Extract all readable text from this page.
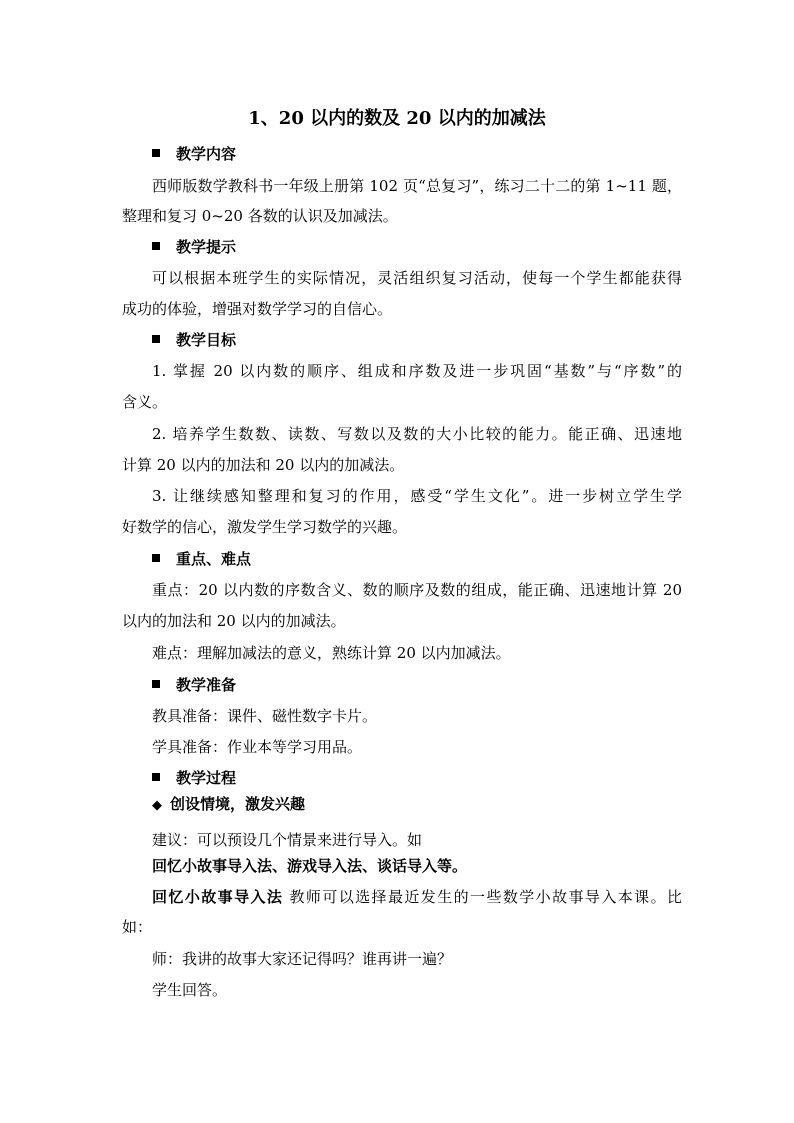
1、20 以内的数及 20 以内的加减法
教学内容
西师版数学教科书一年级上册第 102 页“总复习”，练习二十二的第 1~11 题，
整理和复习 0~20 各数的认识及加减法。
教学提示
可以根据本班学生的实际情况，灵活组织复习活动，使每一个学生都能获得
成功的体验，增强对数学学习的自信心。
教学目标
1. 掌握 20 以内数的顺序、组成和序数及进一步巩固“基数”与“序数”的
含义。
2. 培养学生数数、读数、写数以及数的大小比较的能力。能正确、迅速地
计算 20 以内的加法和 20 以内的加减法。
3. 让继续感知整理和复习的作用，感受“学生文化”。进一步树立学生学
好数学的信心，激发学生学习数学的兴趣。
重点、难点
重点：20 以内数的序数含义、数的顺序及数的组成，能正确、迅速地计算 20
以内的加法和 20 以内的加减法。
难点：理解加减法的意义，熟练计算 20 以内加减法。
教学准备
教具准备：课件、磁性数字卡片。
学具准备：作业本等学习用品。
教学过程
◆ 创设情境，激发兴趣
建议：可以预设几个情景来进行导入。如
回忆小故事导入法、游戏导入法、谈话导入等。
回忆小故事导入法 教师可以选择最近发生的一些数学小故事导入本课。比
如：
师：我讲的故事大家还记得吗？谁再讲一遍？
学生回答。
